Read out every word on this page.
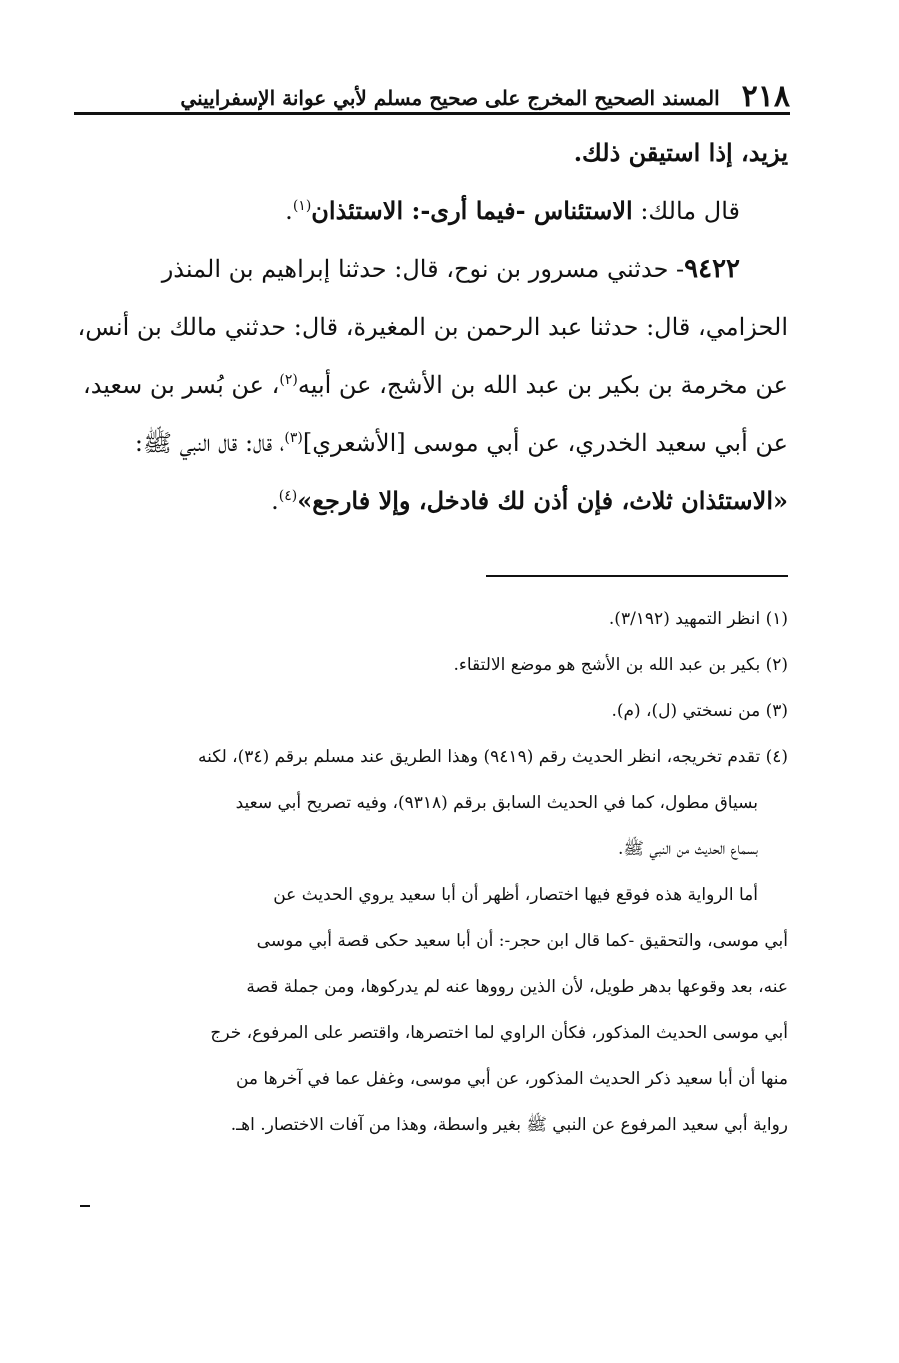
٢١٨
المسند الصحيح المخرج على صحيح مسلم لأبي عوانة الإسفراييني
يزيد، إذا استيقن ذلك.
قال مالك: الاستئناس -فيما أرى-: الاستئذان$^{(١)}$.
٩٤٢٢- حدثني مسرور بن نوح، قال: حدثنا إبراهيم بن المنذر
الحزامي، قال: حدثنا عبد الرحمن بن المغيرة، قال: حدثني مالك بن أنس،
عن مخرمة بن بكير بن عبد الله بن الأشج، عن أبيه$^{(٢)}$، عن بُسر بن سعيد،
عن أبي سعيد الخدري، عن أبي موسى [الأشعري]$^{(٣)}$، قال: قال النبي ﷺ:
«الاستئذان ثلاث، فإن أذن لك فادخل، وإلا فارجع»$^{(٤)}$.
(١) انظر التمهيد (٣/١٩٢).
(٢) بكير بن عبد الله بن الأشج هو موضع الالتقاء.
(٣) من نسختي (ل)، (م).
(٤) تقدم تخريجه، انظر الحديث رقم (٩٤١٩) وهذا الطريق عند مسلم برقم (٣٤)، لكنه
بسياق مطول، كما في الحديث السابق برقم (٩٣١٨)، وفيه تصريح أبي سعيد
بسماع الحديث من النبي ﷺ.
أما الرواية هذه فوقع فيها اختصار، أظهر أن أبا سعيد يروي الحديث عن
أبي موسى، والتحقيق -كما قال ابن حجر-: أن أبا سعيد حكى قصة أبي موسى
عنه، بعد وقوعها بدهر طويل، لأن الذين رووها عنه لم يدركوها، ومن جملة قصة
أبي موسى الحديث المذكور، فكأن الراوي لما اختصرها، واقتصر على المرفوع، خرج
منها أن أبا سعيد ذكر الحديث المذكور، عن أبي موسى، وغفل عما في آخرها من
رواية أبي سعيد المرفوع عن النبي ﷺ بغير واسطة، وهذا من آفات الاختصار. اهـ.
